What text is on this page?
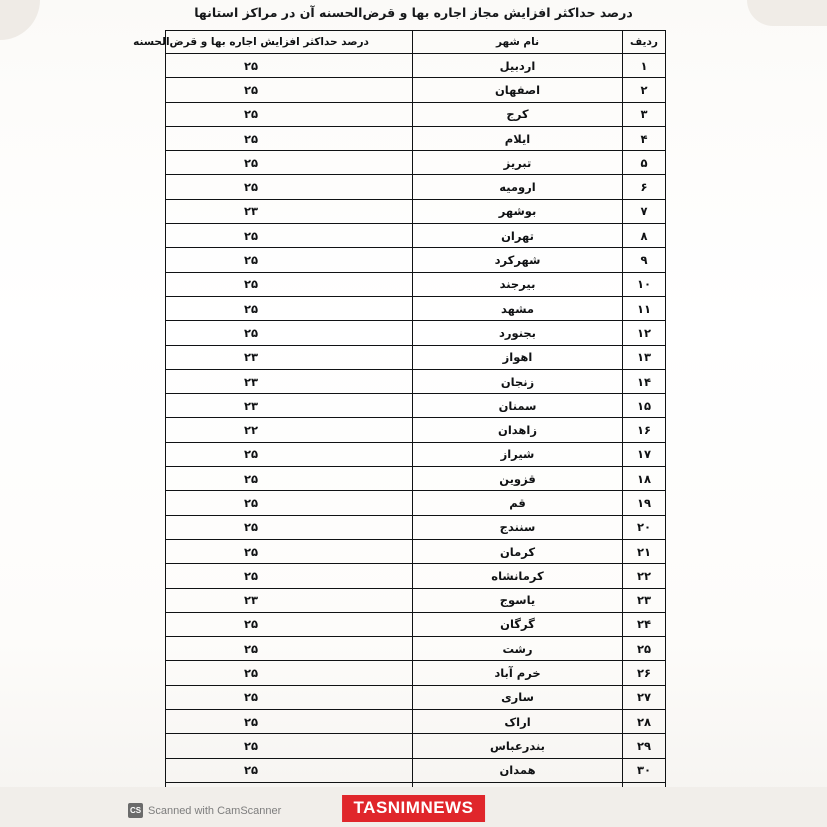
درصد حداکثر افزایش مجاز اجاره بها و قرض‌الحسنه آن در مراکز استانها
ردیف	نام شهر	درصد حداکثر افزایش اجاره بها و قرض‌الحسنه
۱	اردبیل	۲۵
۲	اصفهان	۲۵
۳	کرج	۲۵
۴	ایلام	۲۵
۵	تبریز	۲۵
۶	ارومیه	۲۵
۷	بوشهر	۲۳
۸	تهران	۲۵
۹	شهرکرد	۲۵
۱۰	بیرجند	۲۵
۱۱	مشهد	۲۵
۱۲	بجنورد	۲۵
۱۳	اهواز	۲۳
۱۴	زنجان	۲۳
۱۵	سمنان	۲۳
۱۶	زاهدان	۲۲
۱۷	شیراز	۲۵
۱۸	قزوین	۲۵
۱۹	قم	۲۵
۲۰	سنندج	۲۵
۲۱	کرمان	۲۵
۲۲	کرمانشاه	۲۵
۲۳	یاسوج	۲۳
۲۴	گرگان	۲۵
۲۵	رشت	۲۵
۲۶	خرم آباد	۲۵
۲۷	ساری	۲۵
۲۸	اراک	۲۵
۲۹	بندرعباس	۲۵
۳۰	همدان	۲۵

CS Scanned with CamScanner	TASNIMNEWS
